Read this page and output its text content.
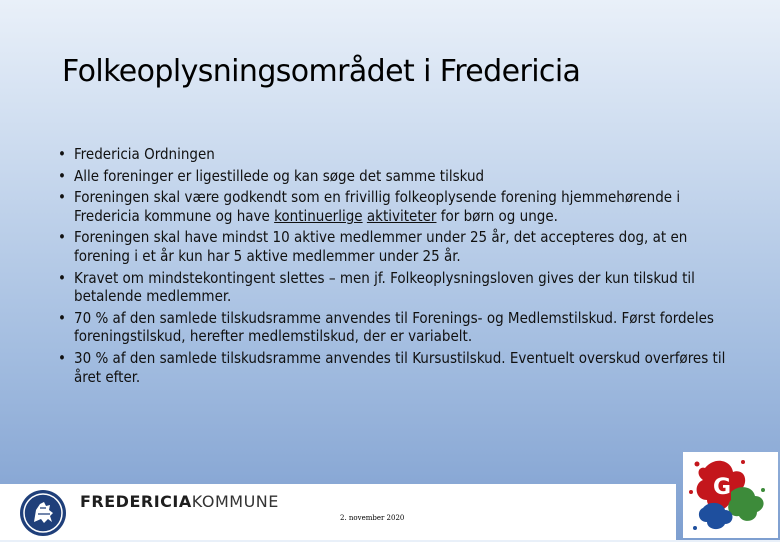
Folkeoplysningsområdet i Fredericia
• Fredericia Ordningen
• Alle foreninger er ligestillede og kan søge det samme tilskud
• Foreningen skal være godkendt som en frivillig folkeoplysende forening hjemmehørende i Fredericia kommune og have kontinuerlige aktiviteter for børn og unge.
• Foreningen skal have mindst 10 aktive medlemmer under 25 år, det accepteres dog, at en forening i et år kun har 5 aktive medlemmer under 25 år.
• Kravet om mindstekontingent slettes – men jf. Folkeoplysningsloven gives der kun tilskud til betalende medlemmer.
• 70 % af den samlede tilskudsramme anvendes til Forenings- og Medlemstilskud. Først fordeles foreningstilskud, herefter medlemstilskud, der er variabelt.
• 30 % af den samlede tilskudsramme anvendes til Kursustilskud. Eventuelt overskud overføres til året efter.
FREDERICIAKOMMUNE
2. november 2020
G
